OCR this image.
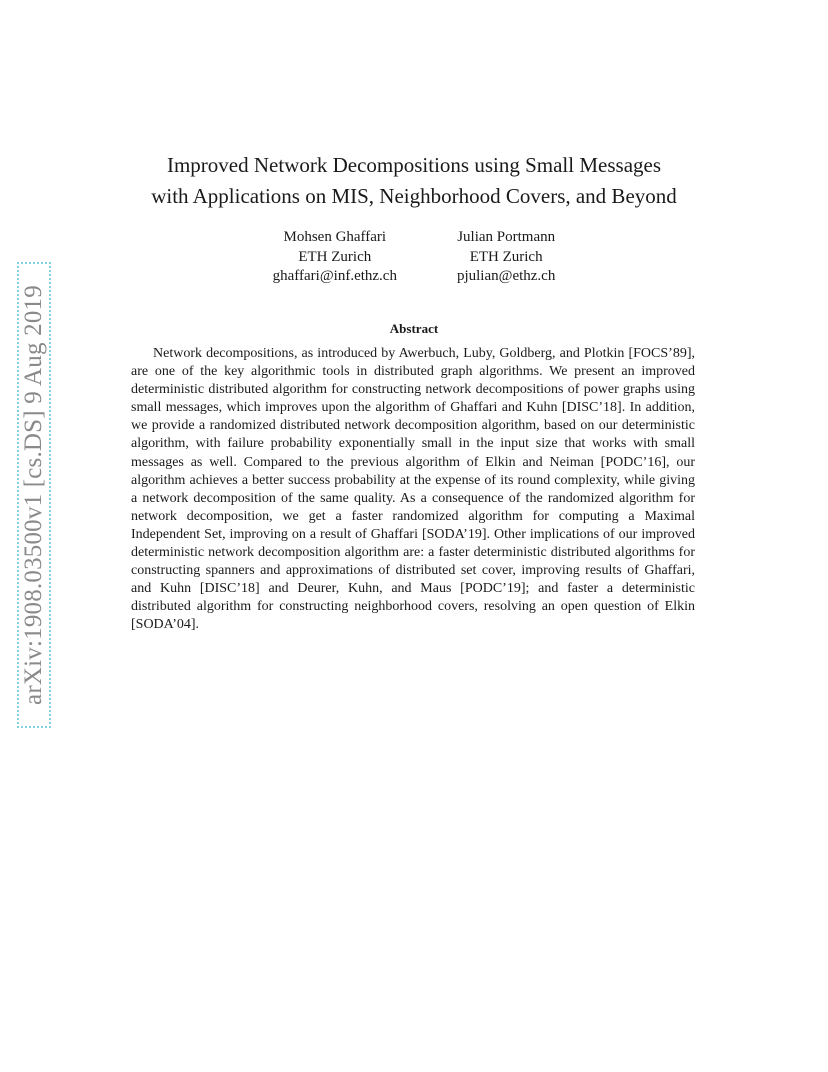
arXiv:1908.03500v1 [cs.DS] 9 Aug 2019
Improved Network Decompositions using Small Messages
with Applications on MIS, Neighborhood Covers, and Beyond
Mohsen Ghaffari
ETH Zurich
ghaffari@inf.ethz.ch
Julian Portmann
ETH Zurich
pjulian@ethz.ch
Abstract

Network decompositions, as introduced by Awerbuch, Luby, Goldberg, and Plotkin [FOCS’89], are one of the key algorithmic tools in distributed graph algorithms. We present an improved deterministic distributed algorithm for constructing network decompositions of power graphs using small messages, which improves upon the algorithm of Ghaffari and Kuhn [DISC’18]. In addition, we provide a randomized distributed network decomposition algorithm, based on our deterministic algorithm, with failure probability exponentially small in the input size that works with small messages as well. Compared to the previous algorithm of Elkin and Neiman [PODC’16], our algorithm achieves a better success probability at the expense of its round complexity, while giving a network decomposition of the same quality. As a consequence of the randomized algorithm for network decomposition, we get a faster randomized algorithm for computing a Maximal Independent Set, improving on a result of Ghaffari [SODA’19]. Other implications of our improved deterministic network decomposition algorithm are: a faster deterministic distributed algorithms for constructing spanners and approximations of distributed set cover, improving results of Ghaffari, and Kuhn [DISC’18] and Deurer, Kuhn, and Maus [PODC’19]; and faster a deterministic distributed algorithm for constructing neighborhood covers, resolving an open question of Elkin [SODA’04].
